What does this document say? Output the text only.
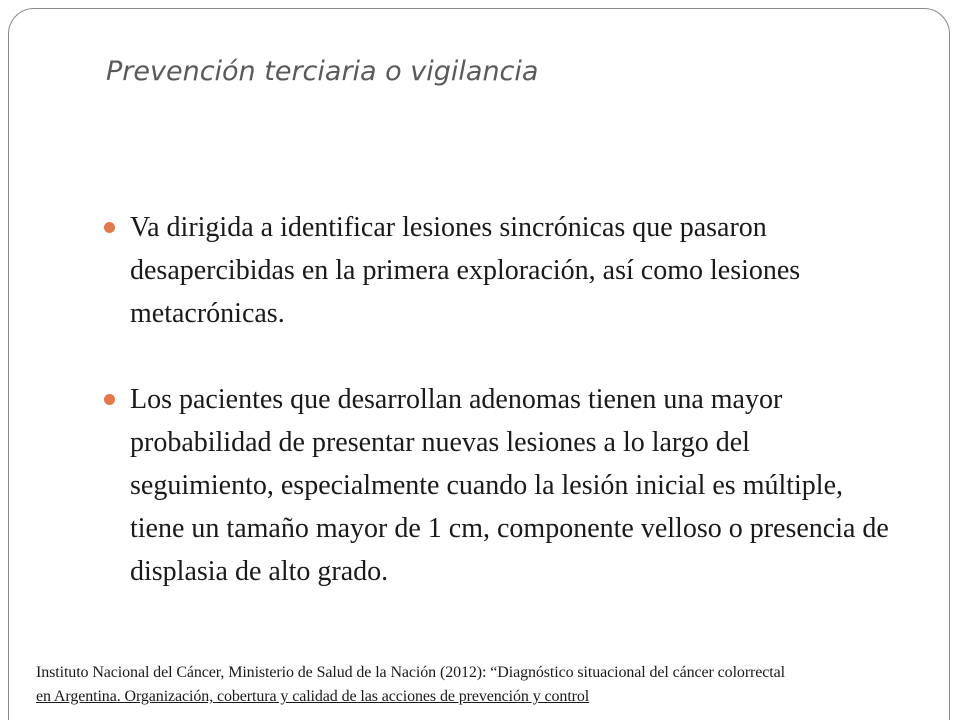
Prevención terciaria o vigilancia
Va dirigida a identificar lesiones sincrónicas que pasaron desapercibidas en la primera exploración, así como lesiones metacrónicas.
Los pacientes que desarrollan adenomas tienen una mayor probabilidad de presentar nuevas lesiones a lo largo del seguimiento, especialmente cuando la lesión inicial es múltiple, tiene un tamaño mayor de 1 cm, componente velloso o presencia de displasia de alto grado.

Instituto Nacional del Cáncer, Ministerio de Salud de la Nación (2012): “Diagnóstico situacional del cáncer colorrectal
en Argentina. Organización, cobertura y calidad de las acciones de prevención y control
